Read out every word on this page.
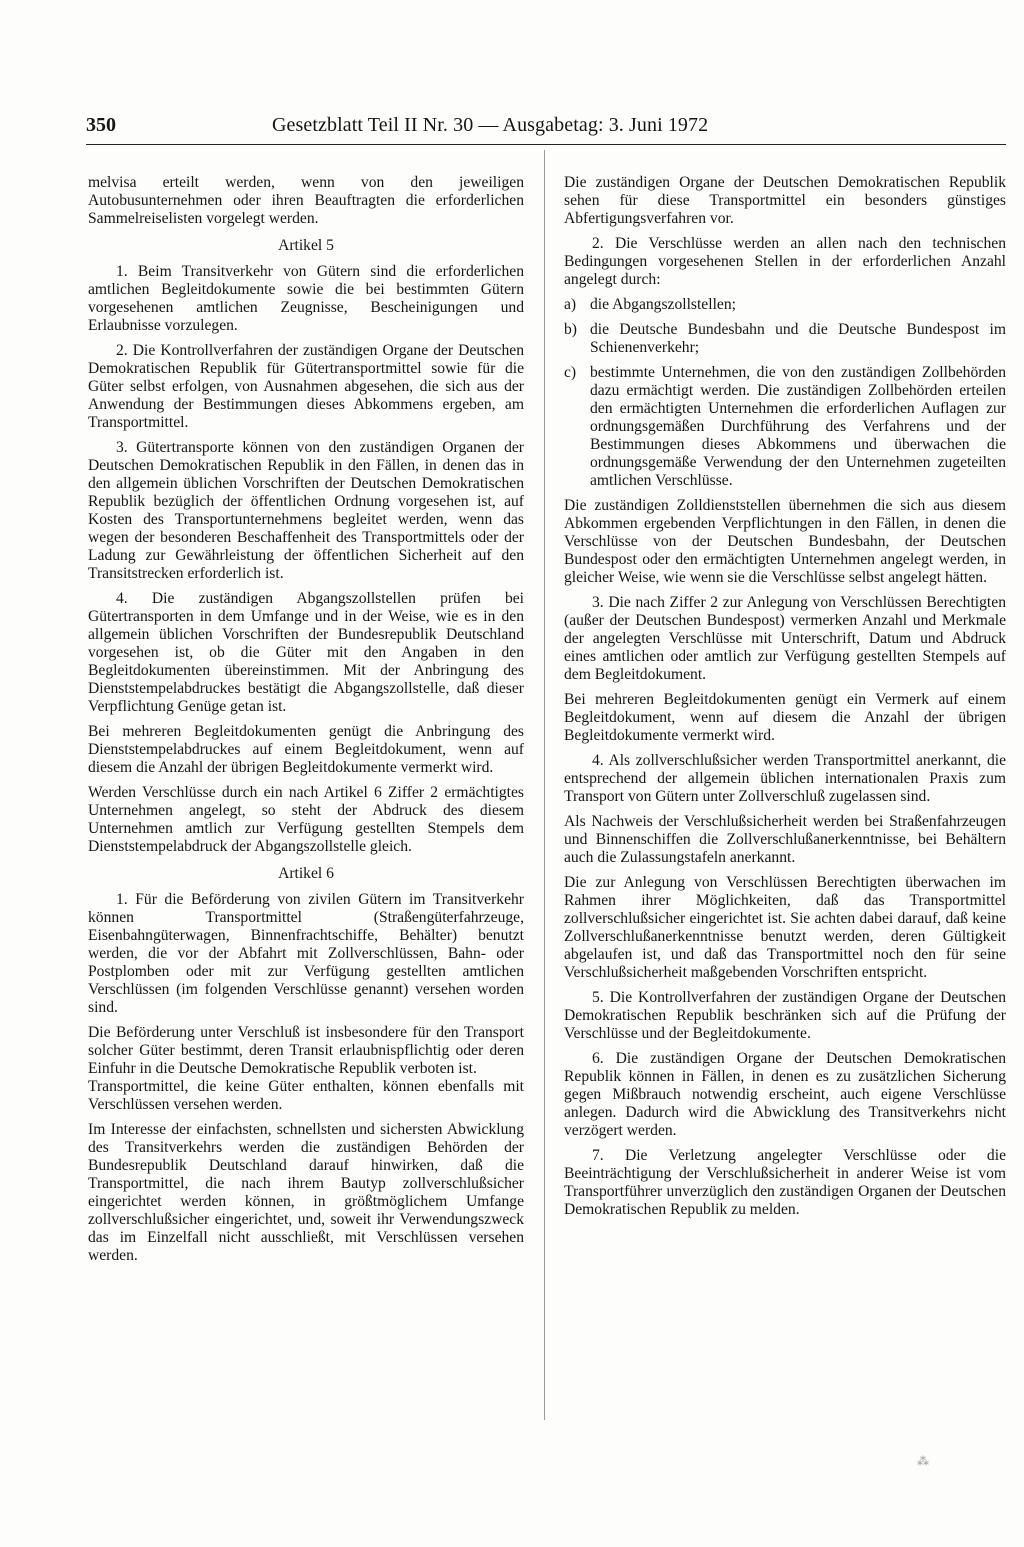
350	Gesetzblatt Teil II Nr. 30 — Ausgabetag: 3. Juni 1972

melvisa erteilt werden, wenn von den jeweiligen Autobusunternehmen oder ihren Beauftragten die erforderlichen Sammelreiselisten vorgelegt werden.

Artikel 5

1. Beim Transitverkehr von Gütern sind die erforderlichen amtlichen Begleitdokumente sowie die bei bestimmten Gütern vorgesehenen amtlichen Zeugnisse, Bescheinigungen und Erlaubnisse vorzulegen.

2. Die Kontrollverfahren der zuständigen Organe der Deutschen Demokratischen Republik für Gütertransportmittel sowie für die Güter selbst erfolgen, von Ausnahmen abgesehen, die sich aus der Anwendung der Bestimmungen dieses Abkommens ergeben, am Transportmittel.

3. Gütertransporte können von den zuständigen Organen der Deutschen Demokratischen Republik in den Fällen, in denen das in den allgemein üblichen Vorschriften der Deutschen Demokratischen Republik bezüglich der öffentlichen Ordnung vorgesehen ist, auf Kosten des Transportunternehmens begleitet werden, wenn das wegen der besonderen Beschaffenheit des Transportmittels oder der Ladung zur Gewährleistung der öffentlichen Sicherheit auf den Transitstrecken erforderlich ist.

4. Die zuständigen Abgangszollstellen prüfen bei Gütertransporten in dem Umfange und in der Weise, wie es in den allgemein üblichen Vorschriften der Bundesrepublik Deutschland vorgesehen ist, ob die Güter mit den Angaben in den Begleitdokumenten übereinstimmen. Mit der Anbringung des Dienststempelabdruckes bestätigt die Abgangszollstelle, daß dieser Verpflichtung Genüge getan ist.

Bei mehreren Begleitdokumenten genügt die Anbringung des Dienststempelabdruckes auf einem Begleitdokument, wenn auf diesem die Anzahl der übrigen Begleitdokumente vermerkt wird.

Werden Verschlüsse durch ein nach Artikel 6 Ziffer 2 ermächtigtes Unternehmen angelegt, so steht der Abdruck des diesem Unternehmen amtlich zur Verfügung gestellten Stempels dem Dienststempelabdruck der Abgangszollstelle gleich.

Artikel 6

1. Für die Beförderung von zivilen Gütern im Transitverkehr können Transportmittel (Straßengüterfahrzeuge, Eisenbahngüterwagen, Binnenfrachtschiffe, Behälter) benutzt werden, die vor der Abfahrt mit Zollverschlüssen, Bahn- oder Postplomben oder mit zur Verfügung gestellten amtlichen Verschlüssen (im folgenden Verschlüsse genannt) versehen worden sind.

Die Beförderung unter Verschluß ist insbesondere für den Transport solcher Güter bestimmt, deren Transit erlaubnispflichtig oder deren Einfuhr in die Deutsche Demokratische Republik verboten ist.

Transportmittel, die keine Güter enthalten, können ebenfalls mit Verschlüssen versehen werden.

Im Interesse der einfachsten, schnellsten und sichersten Abwicklung des Transitverkehrs werden die zuständigen Behörden der Bundesrepublik Deutschland darauf hinwirken, daß die Transportmittel, die nach ihrem Bautyp zollverschlußsicher eingerichtet werden können, in größtmöglichem Umfange zollverschlußsicher eingerichtet, und, soweit ihr Verwendungszweck das im Einzelfall nicht ausschließt, mit Verschlüssen versehen werden.

Die zuständigen Organe der Deutschen Demokratischen Republik sehen für diese Transportmittel ein besonders günstiges Abfertigungsverfahren vor.

2. Die Verschlüsse werden an allen nach den technischen Bedingungen vorgesehenen Stellen in der erforderlichen Anzahl angelegt durch:

a) die Abgangszollstellen;
b) die Deutsche Bundesbahn und die Deutsche Bundespost im Schienenverkehr;
c) bestimmte Unternehmen, die von den zuständigen Zollbehörden dazu ermächtigt werden. Die zuständigen Zollbehörden erteilen den ermächtigten Unternehmen die erforderlichen Auflagen zur ordnungsgemäßen Durchführung des Verfahrens und der Bestimmungen dieses Abkommens und überwachen die ordnungsgemäße Verwendung der den Unternehmen zugeteilten amtlichen Verschlüsse.

Die zuständigen Zolldienststellen übernehmen die sich aus diesem Abkommen ergebenden Verpflichtungen in den Fällen, in denen die Verschlüsse von der Deutschen Bundesbahn, der Deutschen Bundespost oder den ermächtigten Unternehmen angelegt werden, in gleicher Weise, wie wenn sie die Verschlüsse selbst angelegt hätten.

3. Die nach Ziffer 2 zur Anlegung von Verschlüssen Berechtigten (außer der Deutschen Bundespost) vermerken Anzahl und Merkmale der angelegten Verschlüsse mit Unterschrift, Datum und Abdruck eines amtlichen oder amtlich zur Verfügung gestellten Stempels auf dem Begleitdokument.

Bei mehreren Begleitdokumenten genügt ein Vermerk auf einem Begleitdokument, wenn auf diesem die Anzahl der übrigen Begleitdokumente vermerkt wird.

4. Als zollverschlußsicher werden Transportmittel anerkannt, die entsprechend der allgemein üblichen internationalen Praxis zum Transport von Gütern unter Zollverschluß zugelassen sind.

Als Nachweis der Verschlußsicherheit werden bei Straßenfahrzeugen und Binnenschiffen die Zollverschlußanerkenntnisse, bei Behältern auch die Zulassungstafeln anerkannt.

Die zur Anlegung von Verschlüssen Berechtigten überwachen im Rahmen ihrer Möglichkeiten, daß das Transportmittel zollverschlußsicher eingerichtet ist. Sie achten dabei darauf, daß keine Zollverschlußanerkenntnisse benutzt werden, deren Gültigkeit abgelaufen ist, und daß das Transportmittel noch den für seine Verschlußsicherheit maßgebenden Vorschriften entspricht.

5. Die Kontrollverfahren der zuständigen Organe der Deutschen Demokratischen Republik beschränken sich auf die Prüfung der Verschlüsse und der Begleitdokumente.

6. Die zuständigen Organe der Deutschen Demokratischen Republik können in Fällen, in denen es zu zusätzlichen Sicherung gegen Mißbrauch notwendig erscheint, auch eigene Verschlüsse anlegen. Dadurch wird die Abwicklung des Transitverkehrs nicht verzögert werden.

7. Die Verletzung angelegter Verschlüsse oder die Beeinträchtigung der Verschlußsicherheit in anderer Weise ist vom Transportführer unverzüglich den zuständigen Organen der Deutschen Demokratischen Republik zu melden.

⁂
